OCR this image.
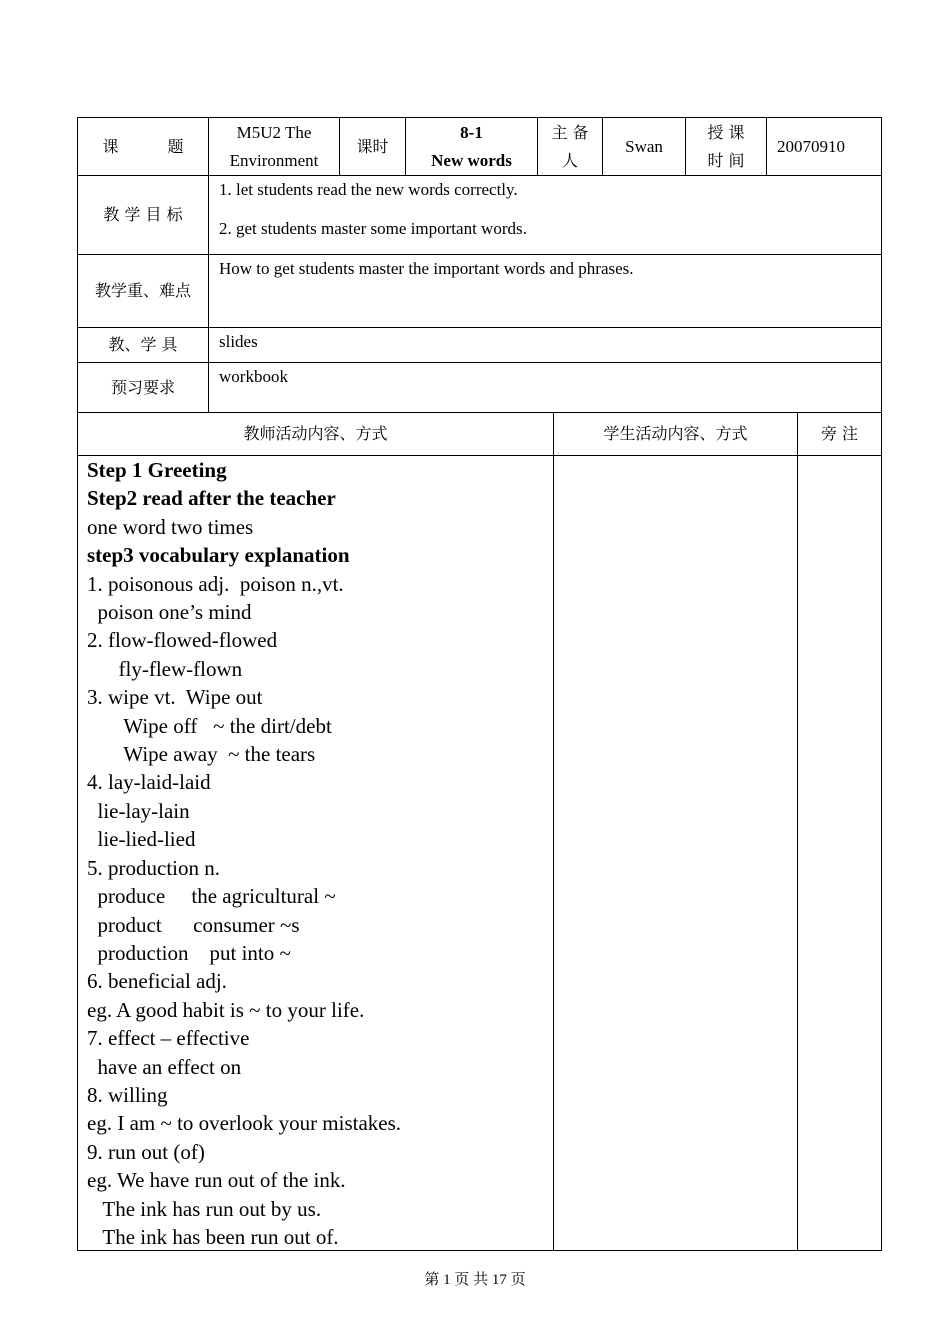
课 题
M5U2 The
Environment
课时
8-1
New words
主 备
人
Swan
授 课
时 间
20070910
教 学 目 标
1. let students read the new words correctly.
2. get students master some important words.
教学重、难点
How to get students master the important words and phrases.
教、学 具 slides
预习要求
workbook
教师活动内容、方式	学生活动内容、方式	旁 注
Step 1 Greeting
Step2 read after the teacher
one word two times
step3 vocabulary explanation
1. poisonous adj.  poison n.,vt.
poison one’s mind
2. flow-flowed-flowed
fly-flew-flown
3. wipe vt.  Wipe out
Wipe off   ~ the dirt/debt
Wipe away  ~ the tears
4. lay-laid-laid
lie-lay-lain
lie-lied-lied
5. production n.
produce     the agricultural ~
product      consumer ~s
production    put into ~
6. beneficial adj.
eg. A good habit is ~ to your life.
7. effect – effective
have an effect on
8. willing
eg. I am ~ to overlook your mistakes.
9. run out (of)
eg. We have run out of the ink.
The ink has run out by us.
The ink has been run out of.
第 1 页 共 17 页
